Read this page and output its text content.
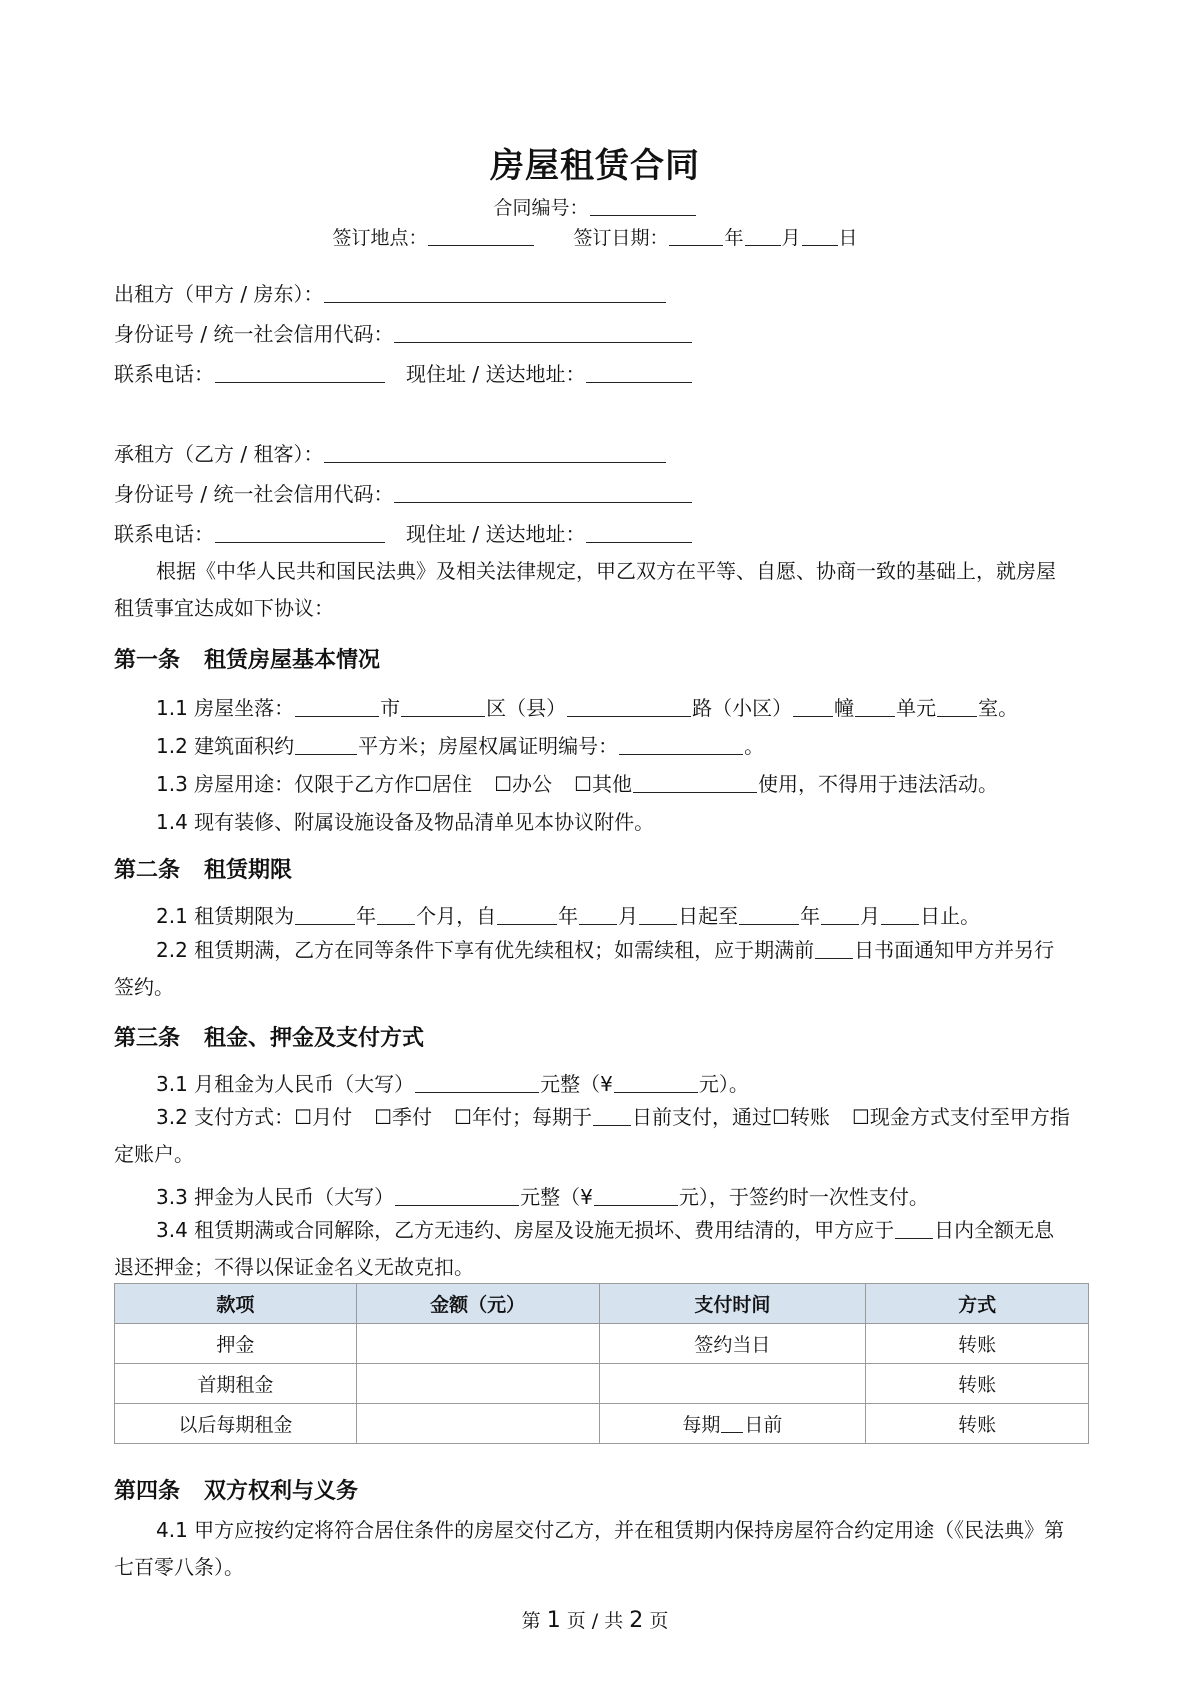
房屋租赁合同
合同编号：
签订地点：	签订日期：	年 月 日
出租方（甲方 / 房东）：
身份证号 / 统一社会信用代码：
联系电话：	现住址 / 送达地址：
承租方（乙方 / 租客）：
身份证号 / 统一社会信用代码：
联系电话：	现住址 / 送达地址：
根据《中华人民共和国民法典》及相关法律规定，甲乙双方在平等、自愿、协商一致的基础上，就房屋租赁事宜达成如下协议：
第一条 租赁房屋基本情况
1.1 房屋坐落：	市	区（县）	路（小区） 幢 单元 室。
1.2 建筑面积约	平方米；房屋权属证明编号：	。
1.3 房屋用途：仅限于乙方作☐居住 ☐办公 ☐其他	使用，不得用于违法活动。
1.4 现有装修、附属设施设备及物品清单见本协议附件。
第二条 租赁期限
2.1 租赁期限为	年 个月，自	年 月 日起至	年 月 日止。
2.2 租赁期满，乙方在同等条件下享有优先续租权；如需续租，应于期满前 日书面通知甲方并另行签约。
第三条 租金、押金及支付方式
3.1 月租金为人民币（大写）	元整（¥	元）。
3.2 支付方式：☐月付 ☐季付 ☐年付；每期于 日前支付，通过☐转账 ☐现金方式支付至甲方指定账户。
3.3 押金为人民币（大写）	元整（¥	元），于签约时一次性支付。
3.4 租赁期满或合同解除，乙方无违约、房屋及设施无损坏、费用结清的，甲方应于 日内全额无息退还押金；不得以保证金名义无故克扣。
款项	金额（元）	支付时间	方式
押金		签约当日	转账
首期租金			转账
以后每期租金		每期 日前	转账
第四条 双方权利与义务
4.1 甲方应按约定将符合居住条件的房屋交付乙方，并在租赁期内保持房屋符合约定用途（《民法典》第七百零八条）。
第 1 页 / 共 2 页
